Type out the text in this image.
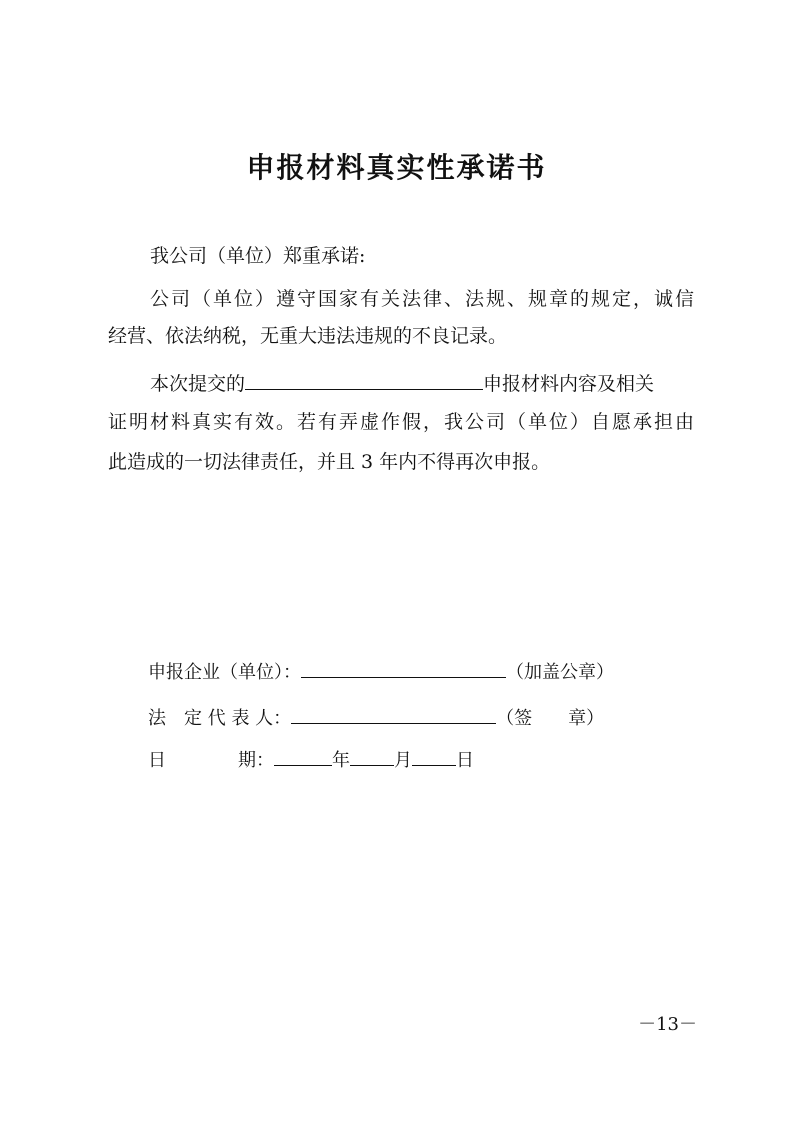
申报材料真实性承诺书

我公司（单位）郑重承诺:

公司（单位）遵守国家有关法律、法规、规章的规定，诚信

经营、依法纳税，无重大违法违规的不良记录。

本次提交的	申报材料内容及相关

证明材料真实有效。若有弄虚作假，我公司（单位）自愿承担由

此造成的一切法律责任，并且 3 年内不得再次申报。

申报企业（单位）：	（加盖公章）

法　定 代 表 人：	（签　　章）

日　　　　期：	年 月 日

－13－
